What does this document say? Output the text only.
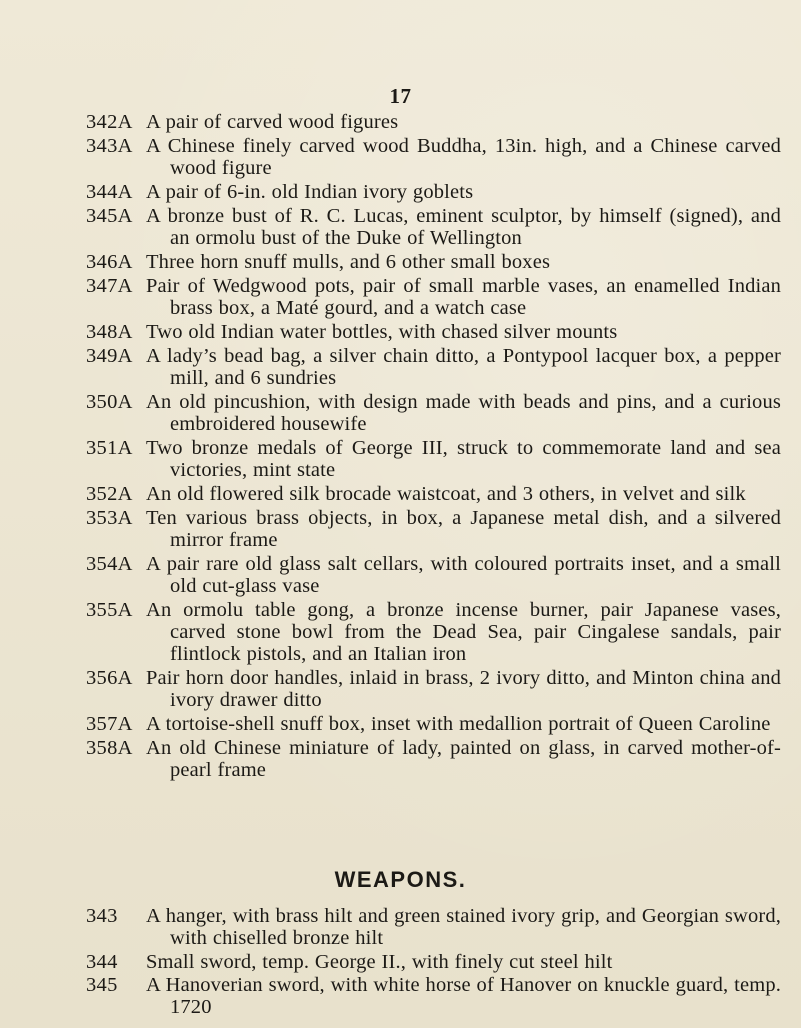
17
342A A pair of carved wood figures
343A A Chinese finely carved wood Buddha, 13in. high, and a Chinese carved wood figure
344A A pair of 6-in. old Indian ivory goblets
345A A bronze bust of R. C. Lucas, eminent sculptor, by himself (signed), and an ormolu bust of the Duke of Wellington
346A Three horn snuff mulls, and 6 other small boxes
347A Pair of Wedgwood pots, pair of small marble vases, an enamelled Indian brass box, a Maté gourd, and a watch case
348A Two old Indian water bottles, with chased silver mounts
349A A lady’s bead bag, a silver chain ditto, a Pontypool lacquer box, a pepper mill, and 6 sundries
350A An old pincushion, with design made with beads and pins, and a curious embroidered housewife
351A Two bronze medals of George III, struck to commemorate land and sea victories, mint state
352A An old flowered silk brocade waistcoat, and 3 others, in velvet and silk
353A Ten various brass objects, in box, a Japanese metal dish, and a silvered mirror frame
354A A pair rare old glass salt cellars, with coloured portraits inset, and a small old cut-glass vase
355A An ormolu table gong, a bronze incense burner, pair Japanese vases, carved stone bowl from the Dead Sea, pair Cingalese sandals, pair flintlock pistols, and an Italian iron
356A Pair horn door handles, inlaid in brass, 2 ivory ditto, and Minton china and ivory drawer ditto
357A A tortoise-shell snuff box, inset with medallion portrait of Queen Caroline
358A An old Chinese miniature of lady, painted on glass, in carved mother-of-pearl frame
WEAPONS.
343 A hanger, with brass hilt and green stained ivory grip, and Georgian sword, with chiselled bronze hilt
344 Small sword, temp. George II., with finely cut steel hilt
345 A Hanoverian sword, with white horse of Hanover on knuckle guard, temp. 1720
